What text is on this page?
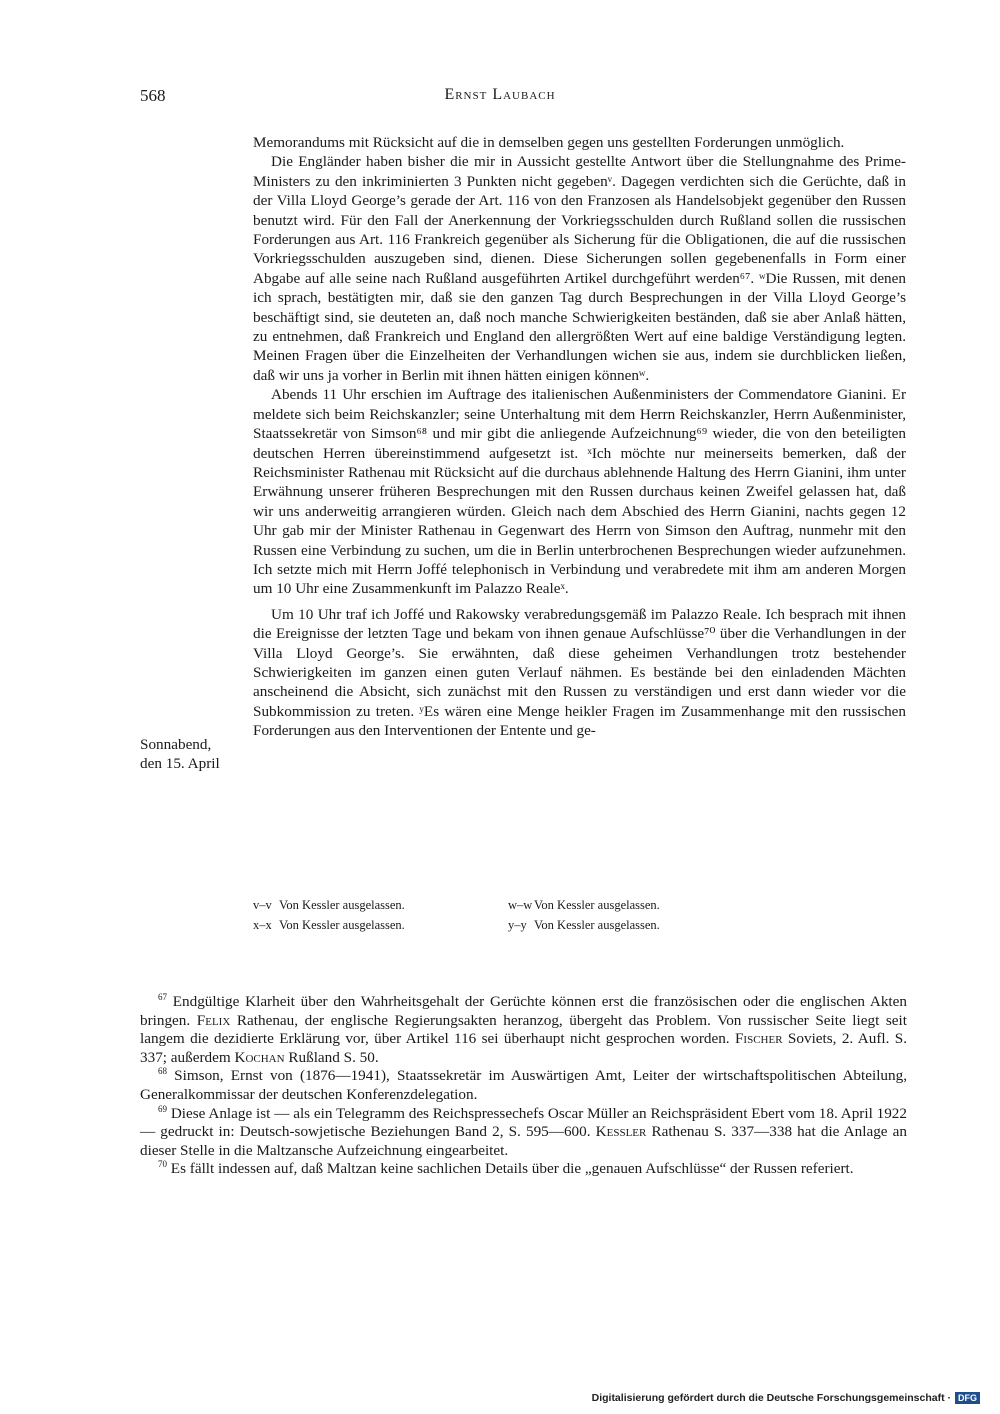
568	Ernst Laubach

Memorandums mit Rücksicht auf die in demselben gegen uns gestellten Forderungen unmöglich.

Die Engländer haben bisher die mir in Aussicht gestellte Antwort über die Stellungnahme des Prime-Ministers zu den inkriminierten 3 Punkten nicht gegebenᵛ. Dagegen verdichten sich die Gerüchte, daß in der Villa Lloyd George’s gerade der Art. 116 von den Franzosen als Handelsobjekt gegenüber den Russen benutzt wird. Für den Fall der Anerkennung der Vorkriegsschulden durch Rußland sollen die russischen Forderungen aus Art. 116 Frankreich gegenüber als Sicherung für die Obligationen, die auf die russischen Vorkriegsschulden auszugeben sind, dienen. Diese Sicherungen sollen gegebenenfalls in Form einer Abgabe auf alle seine nach Rußland ausgeführten Artikel durchgeführt werden⁶⁷. ʷDie Russen, mit denen ich sprach, bestätigten mir, daß sie den ganzen Tag durch Besprechungen in der Villa Lloyd George’s beschäftigt sind, sie deuteten an, daß noch manche Schwierigkeiten beständen, daß sie aber Anlaß hätten, zu entnehmen, daß Frankreich und England den allergrößten Wert auf eine baldige Verständigung legten. Meinen Fragen über die Einzelheiten der Verhandlungen wichen sie aus, indem sie durchblicken ließen, daß wir uns ja vorher in Berlin mit ihnen hätten einigen könnenʷ.

Abends 11 Uhr erschien im Auftrage des italienischen Außenministers der Commendatore Gianini. Er meldete sich beim Reichskanzler; seine Unterhaltung mit dem Herrn Reichskanzler, Herrn Außenminister, Staatssekretär von Simson⁶⁸ und mir gibt die anliegende Aufzeichnung⁶⁹ wieder, die von den beteiligten deutschen Herren übereinstimmend aufgesetzt ist. ˣIch möchte nur meinerseits bemerken, daß der Reichsminister Rathenau mit Rücksicht auf die durchaus ablehnende Haltung des Herrn Gianini, ihm unter Erwähnung unserer früheren Besprechungen mit den Russen durchaus keinen Zweifel gelassen hat, daß wir uns anderweitig arrangieren würden. Gleich nach dem Abschied des Herrn Gianini, nachts gegen 12 Uhr gab mir der Minister Rathenau in Gegenwart des Herrn von Simson den Auftrag, nunmehr mit den Russen eine Verbindung zu suchen, um die in Berlin unterbrochenen Besprechungen wieder aufzunehmen. Ich setzte mich mit Herrn Joffé telephonisch in Verbindung und verabredete mit ihm am anderen Morgen um 10 Uhr eine Zusammenkunft im Palazzo Realeˣ.

Um 10 Uhr traf ich Joffé und Rakowsky verabredungsgemäß im Palazzo Reale. Ich besprach mit ihnen die Ereignisse der letzten Tage und bekam von ihnen genaue Aufschlüsse⁷⁰ über die Verhandlungen in der Villa Lloyd George’s. Sie erwähnten, daß diese geheimen Verhandlungen trotz bestehender Schwierigkeiten im ganzen einen guten Verlauf nähmen. Es bestände bei den einladenden Mächten anscheinend die Absicht, sich zunächst mit den Russen zu verständigen und erst dann wieder vor die Subkommission zu treten. ʸEs wären eine Menge heikler Fragen im Zusammenhange mit den russischen Forderungen aus den Interventionen der Entente und ge-

Sonnabend,
den 15. April
v–v Von Kessler ausgelassen.	w–w Von Kessler ausgelassen.
x–x Von Kessler ausgelassen.	y–y Von Kessler ausgelassen.

$^{67}$ Endgültige Klarheit über den Wahrheitsgehalt der Gerüchte können erst die französischen oder die englischen Akten bringen. Felix Rathenau, der englische Regierungsakten heranzog, übergeht das Problem. Von russischer Seite liegt seit langem die dezidierte Erklärung vor, über Artikel 116 sei überhaupt nicht gesprochen worden. Fischer Soviets, 2. Aufl. S. 337; außerdem Kochan Rußland S. 50.

$^{68}$ Simson, Ernst von (1876—1941), Staatssekretär im Auswärtigen Amt, Leiter der wirtschaftspolitischen Abteilung, Generalkommissar der deutschen Konferenzdelegation.

$^{69}$ Diese Anlage ist — als ein Telegramm des Reichspressechefs Oscar Müller an Reichspräsident Ebert vom 18. April 1922 — gedruckt in: Deutsch-sowjetische Beziehungen Band 2, S. 595—600. Kessler Rathenau S. 337—338 hat die Anlage an dieser Stelle in die Maltzansche Aufzeichnung eingearbeitet.

$^{70}$ Es fällt indessen auf, daß Maltzan keine sachlichen Details über die „genauen Aufschlüsse“ der Russen referiert.

Digitalisierung gefördert durch die Deutsche Forschungsgemeinschaft · DFG
